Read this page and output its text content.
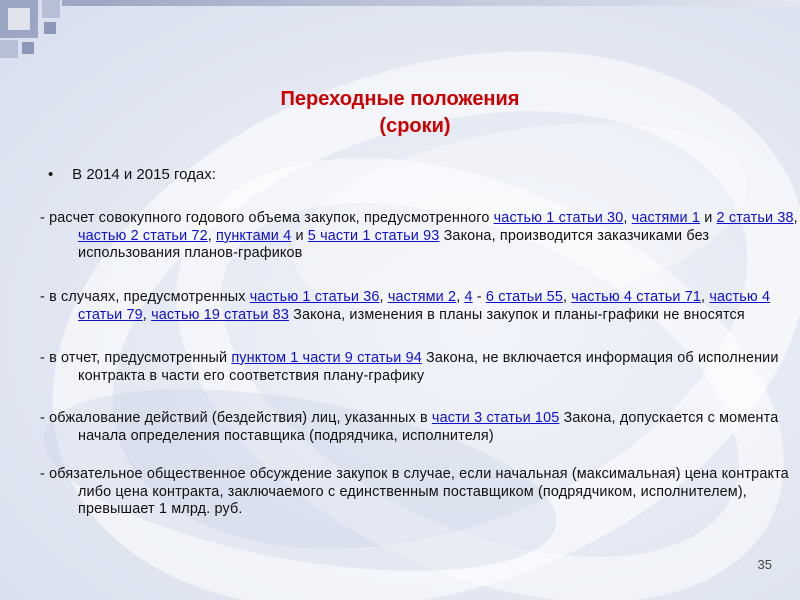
Переходные положения
(сроки)
• В 2014 и 2015 годах:
- расчет совокупного годового объема закупок, предусмотренного частью 1 статьи 30, частями 1 и 2 статьи 38, частью 2 статьи 72, пунктами 4 и 5 части 1 статьи 93 Закона, производится заказчиками без использования планов-графиков
- в случаях, предусмотренных частью 1 статьи 36, частями 2, 4 - 6 статьи 55, частью 4 статьи 71, частью 4 статьи 79, частью 19 статьи 83 Закона, изменения в планы закупок и планы-графики не вносятся
- в отчет, предусмотренный пунктом 1 части 9 статьи 94 Закона, не включается информация об исполнении контракта в части его соответствия плану-графику
- обжалование действий (бездействия) лиц, указанных в части 3 статьи 105 Закона, допускается с момента начала определения поставщика (подрядчика, исполнителя)
- обязательное общественное обсуждение закупок в случае, если начальная (максимальная) цена контракта либо цена контракта, заключаемого с единственным поставщиком (подрядчиком, исполнителем), превышает 1 млрд. руб.
35
